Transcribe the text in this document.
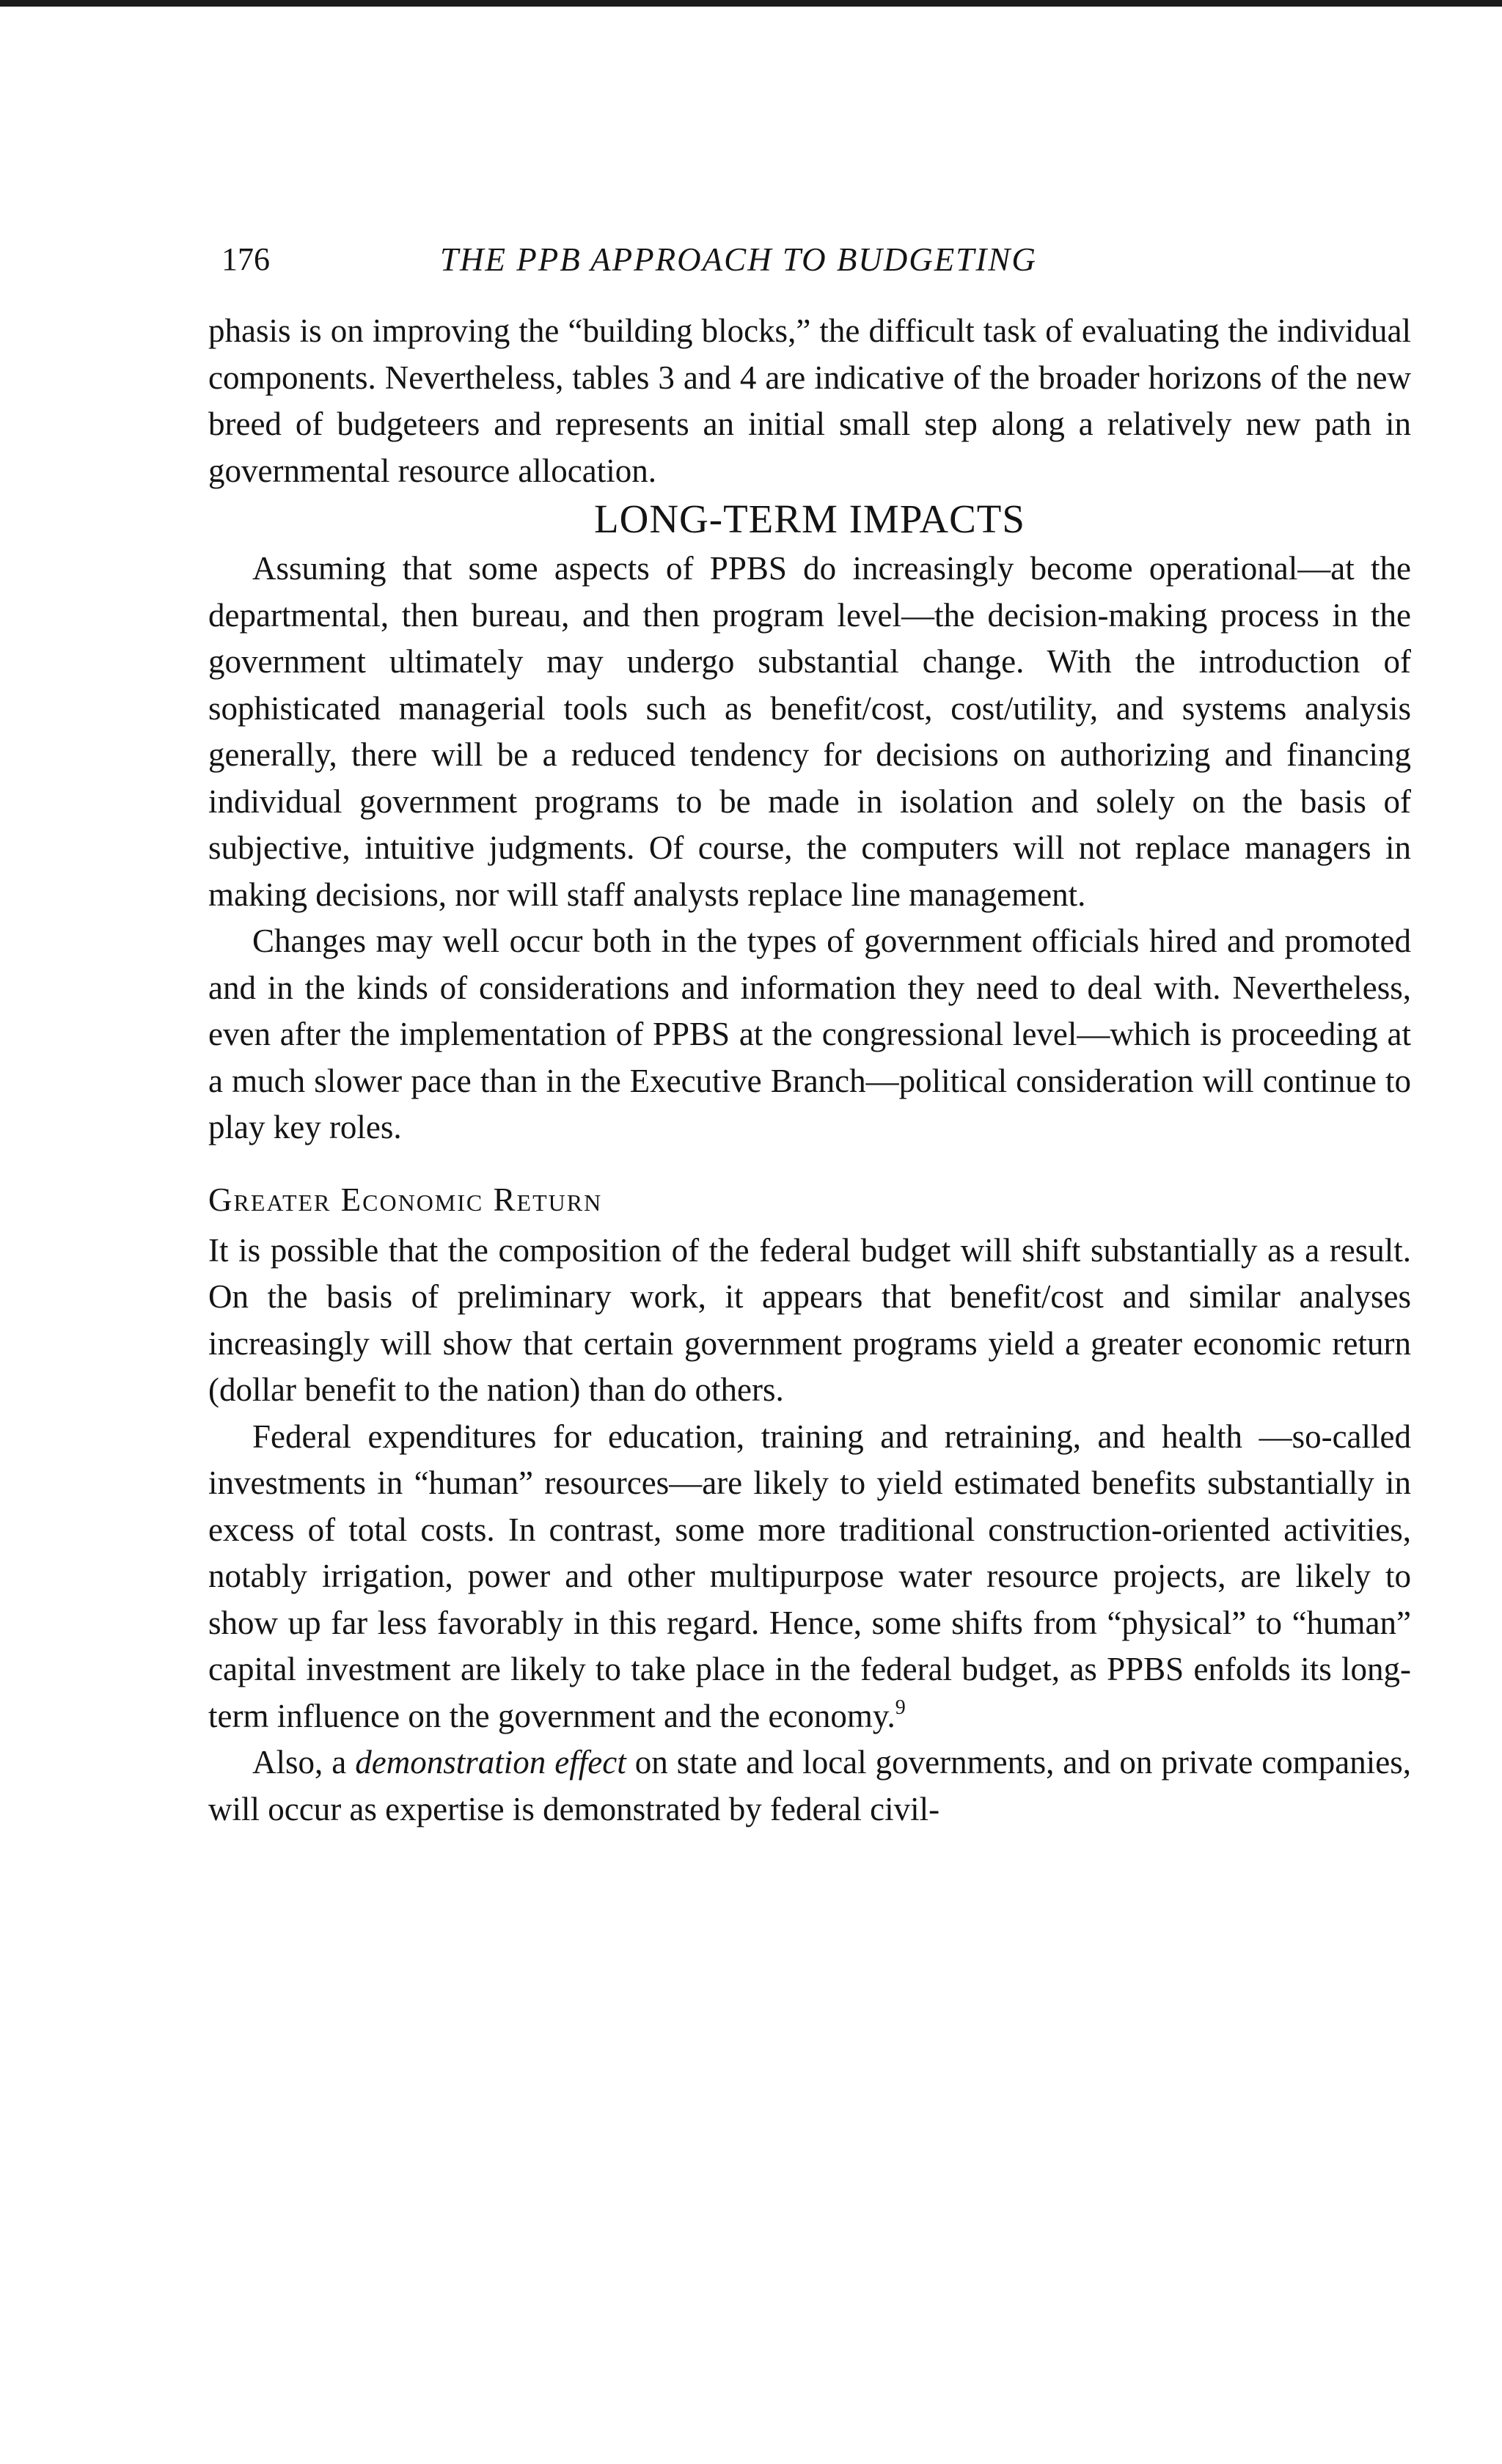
176	THE PPB APPROACH TO BUDGETING

phasis is on improving the “building blocks,” the difficult task of evaluating the individual components. Nevertheless, tables 3 and 4 are indicative of the broader horizons of the new breed of budgeteers and represents an initial small step along a relatively new path in governmental resource allocation.

LONG-TERM IMPACTS

Assuming that some aspects of PPBS do increasingly become operational—at the departmental, then bureau, and then program level—the decision-making process in the government ultimately may undergo substantial change. With the introduction of sophisticated managerial tools such as benefit/cost, cost/utility, and systems analysis generally, there will be a reduced tendency for decisions on authorizing and financing individual government programs to be made in isolation and solely on the basis of subjective, intuitive judgments. Of course, the computers will not replace managers in making decisions, nor will staff analysts replace line management.

Changes may well occur both in the types of government officials hired and promoted and in the kinds of considerations and information they need to deal with. Nevertheless, even after the implementation of PPBS at the congressional level—which is proceeding at a much slower pace than in the Executive Branch—political consideration will continue to play key roles.

Greater Economic Return

It is possible that the composition of the federal budget will shift substantially as a result. On the basis of preliminary work, it appears that benefit/cost and similar analyses increasingly will show that certain government programs yield a greater economic return (dollar benefit to the nation) than do others.

Federal expenditures for education, training and retraining, and health —so-called investments in “human” resources—are likely to yield estimated benefits substantially in excess of total costs. In contrast, some more traditional construction-oriented activities, notably irrigation, power and other multipurpose water resource projects, are likely to show up far less favorably in this regard. Hence, some shifts from “physical” to “human” capital investment are likely to take place in the federal budget, as PPBS enfolds its long-term influence on the government and the economy.$^9$

Also, a demonstration effect on state and local governments, and on private companies, will occur as expertise is demonstrated by federal civil-
